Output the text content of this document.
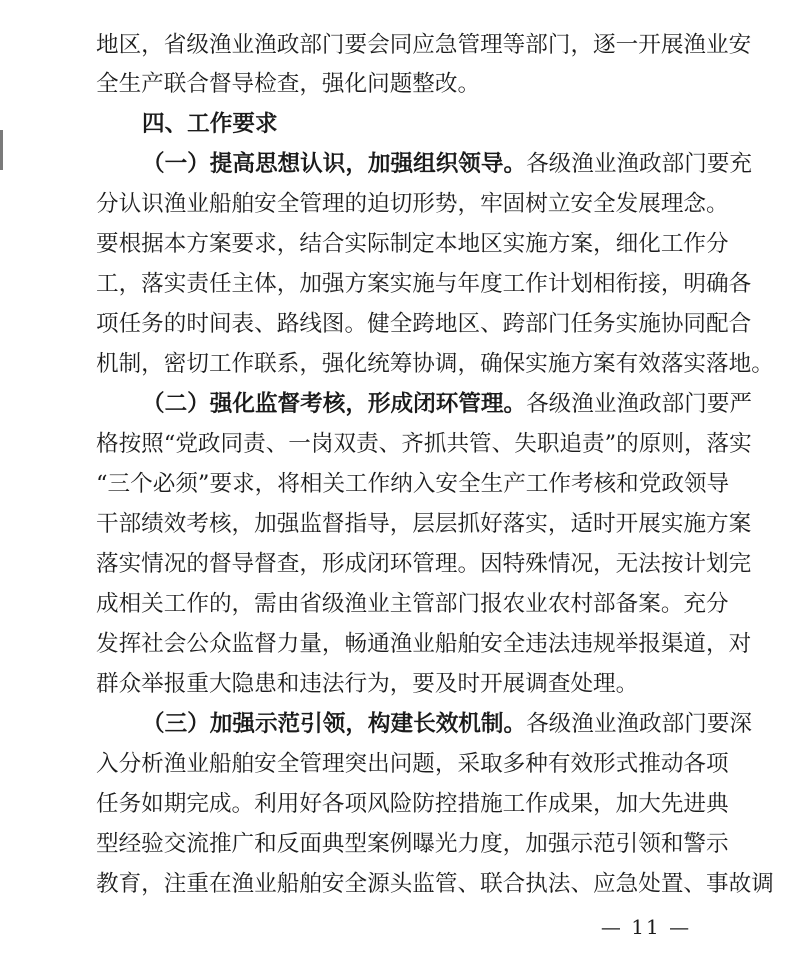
地区，省级渔业渔政部门要会同应急管理等部门，逐一开展渔业安
全生产联合督导检查，强化问题整改。
四、工作要求
（一）提高思想认识，加强组织领导。各级渔业渔政部门要充
分认识渔业船舶安全管理的迫切形势，牢固树立安全发展理念。
要根据本方案要求，结合实际制定本地区实施方案，细化工作分
工，落实责任主体，加强方案实施与年度工作计划相衔接，明确各
项任务的时间表、路线图。健全跨地区、跨部门任务实施协同配合
机制，密切工作联系，强化统筹协调，确保实施方案有效落实落地。
（二）强化监督考核，形成闭环管理。各级渔业渔政部门要严
格按照“党政同责、一岗双责、齐抓共管、失职追责”的原则，落实
“三个必须”要求，将相关工作纳入安全生产工作考核和党政领导
干部绩效考核，加强监督指导，层层抓好落实，适时开展实施方案
落实情况的督导督查，形成闭环管理。因特殊情况，无法按计划完
成相关工作的，需由省级渔业主管部门报农业农村部备案。充分
发挥社会公众监督力量，畅通渔业船舶安全违法违规举报渠道，对
群众举报重大隐患和违法行为，要及时开展调查处理。
（三）加强示范引领，构建长效机制。各级渔业渔政部门要深
入分析渔业船舶安全管理突出问题，采取多种有效形式推动各项
任务如期完成。利用好各项风险防控措施工作成果，加大先进典
型经验交流推广和反面典型案例曝光力度，加强示范引领和警示
教育，注重在渔业船舶安全源头监管、联合执法、应急处置、事故调
— 11 —
